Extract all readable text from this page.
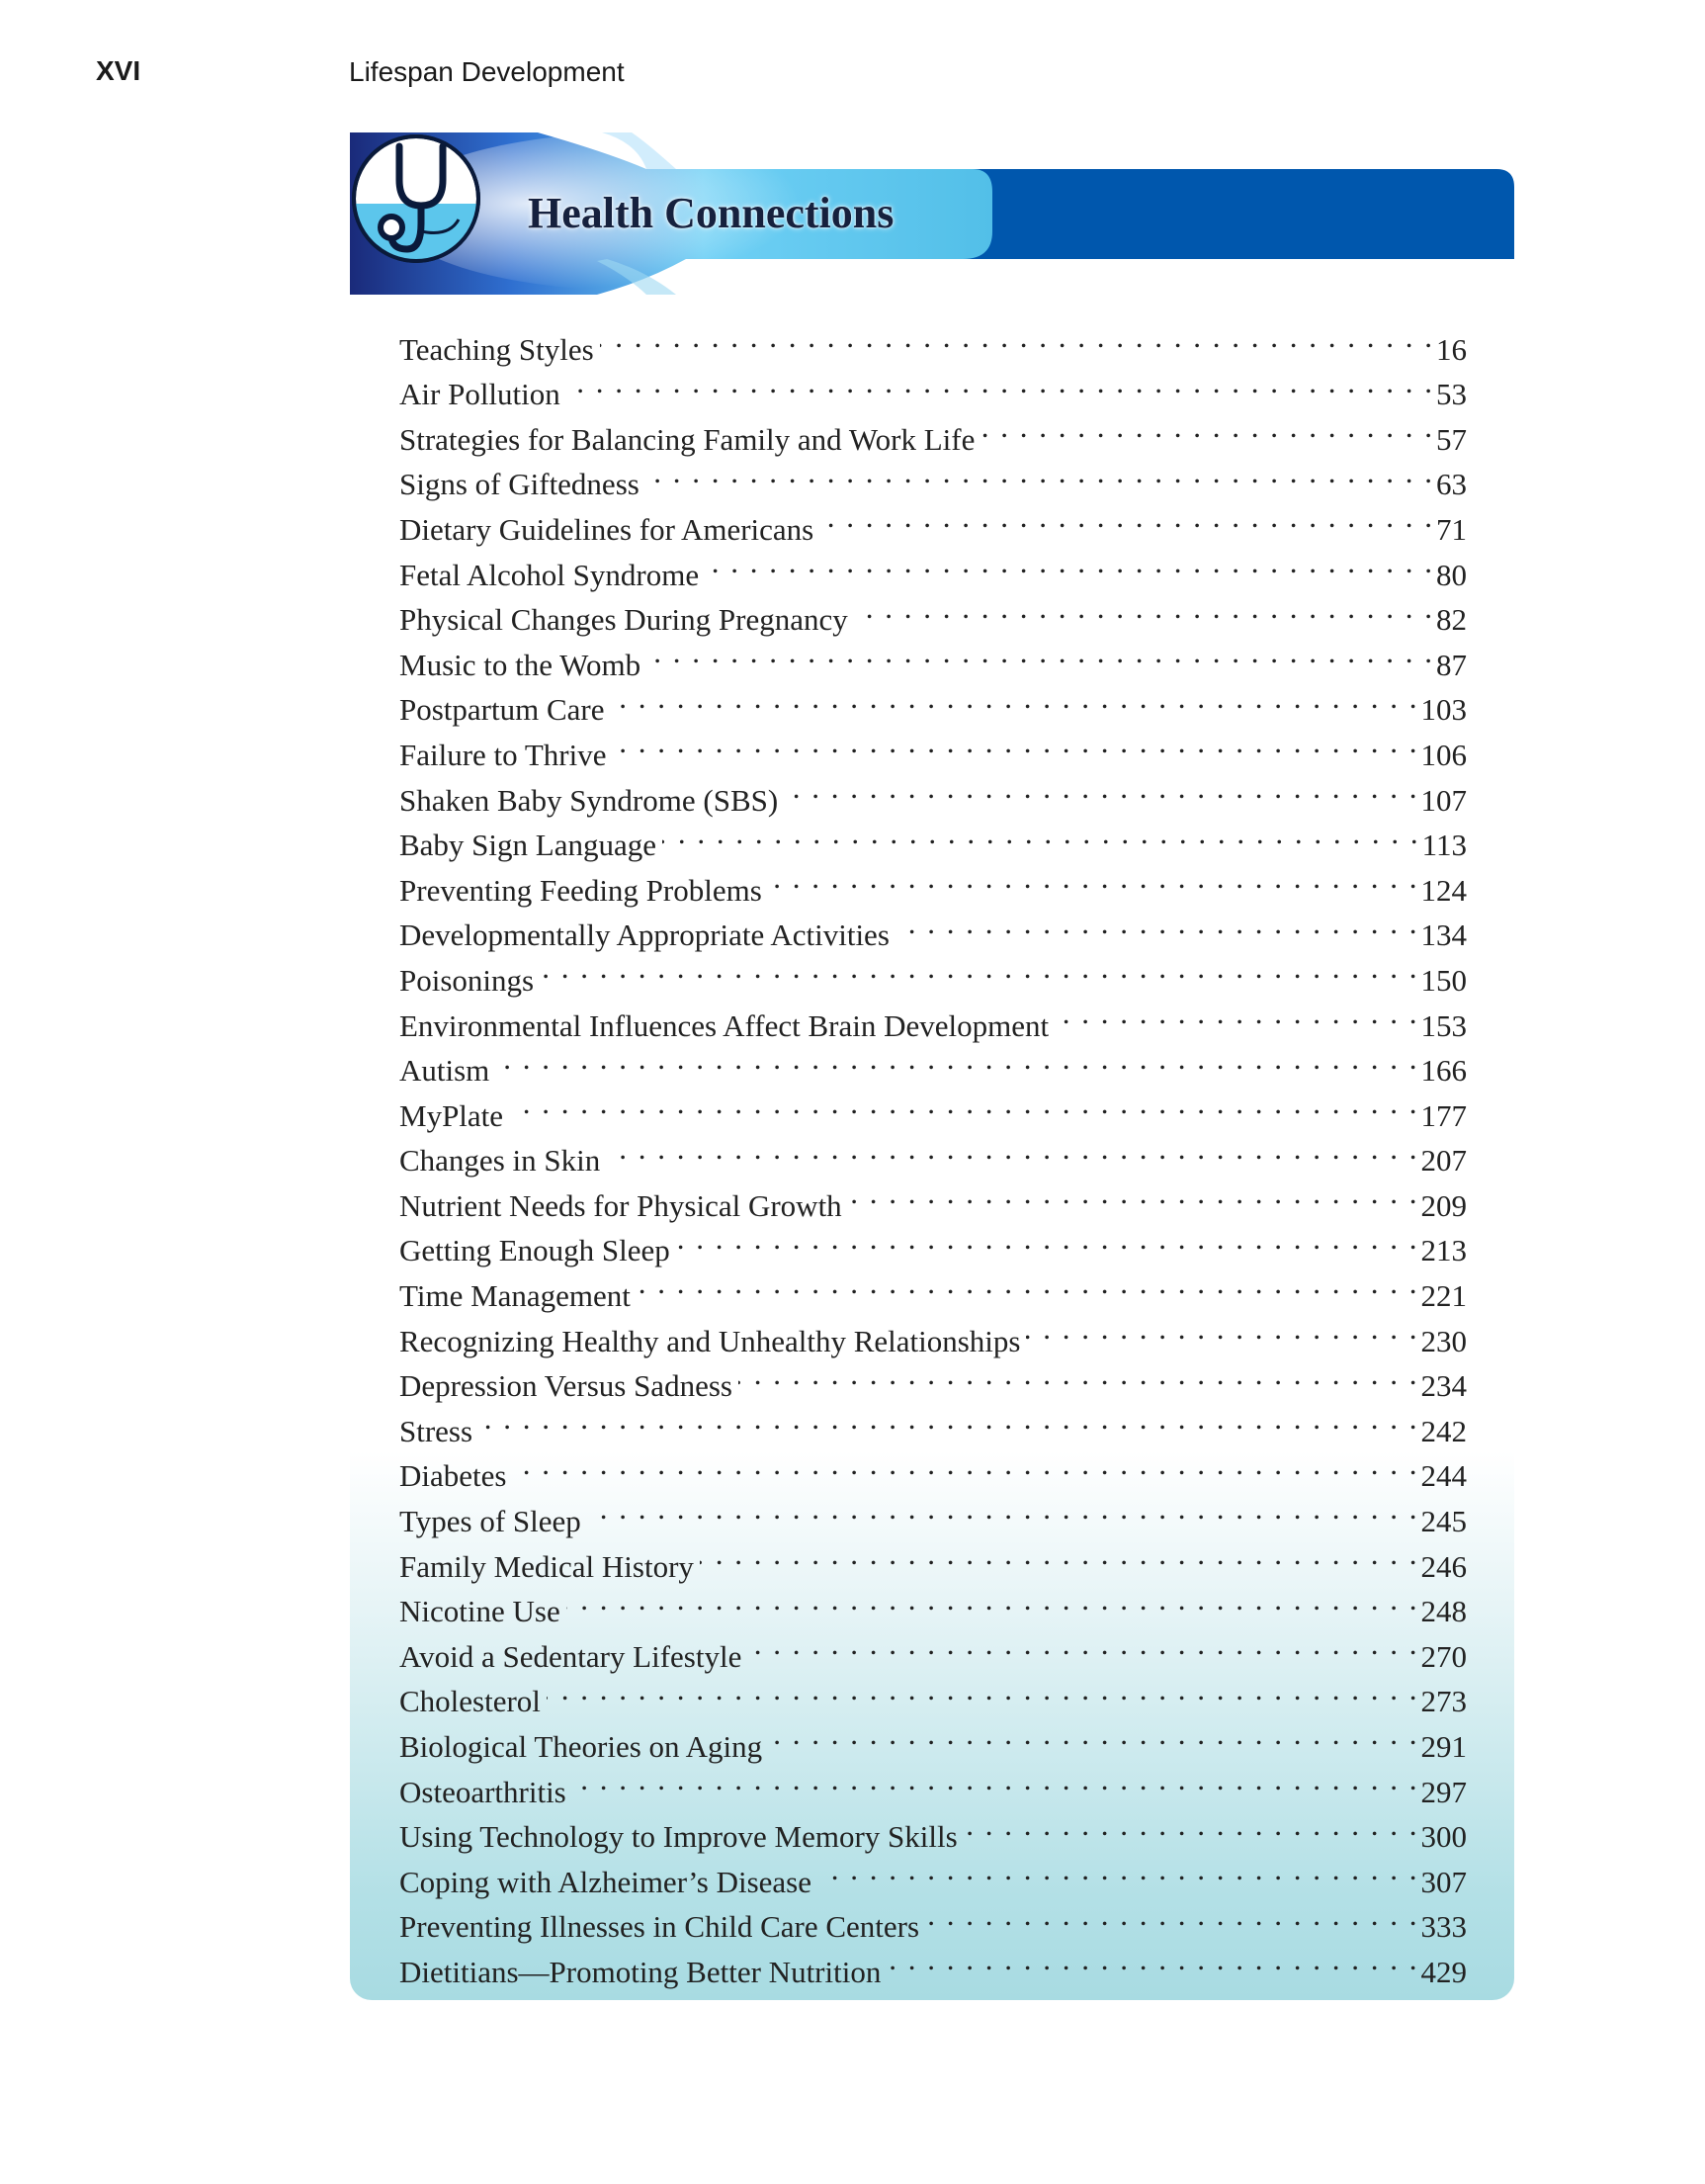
XVI	Lifespan Development
Health Connections
Teaching Styles . . .	16
Air Pollution . . .	53
Strategies for Balancing Family and Work Life . . .	57
Signs of Giftedness . . .	63
Dietary Guidelines for Americans . . .	71
Fetal Alcohol Syndrome . . .	80
Physical Changes During Pregnancy . . .	82
Music to the Womb . . .	87
Postpartum Care . . .	103
Failure to Thrive . . .	106
Shaken Baby Syndrome (SBS) . . .	107
Baby Sign Language . . .	113
Preventing Feeding Problems . . .	124
Developmentally Appropriate Activities . . .	134
Poisonings . . .	150
Environmental Influences Affect Brain Development . . .	153
Autism . . .	166
MyPlate . . .	177
Changes in Skin . . .	207
Nutrient Needs for Physical Growth . . .	209
Getting Enough Sleep . . .	213
Time Management . . .	221
Recognizing Healthy and Unhealthy Relationships . . .	230
Depression Versus Sadness . . .	234
Stress . . .	242
Diabetes . . .	244
Types of Sleep . . .	245
Family Medical History . . .	246
Nicotine Use . . .	248
Avoid a Sedentary Lifestyle . . .	270
Cholesterol . . .	273
Biological Theories on Aging . . .	291
Osteoarthritis . . .	297
Using Technology to Improve Memory Skills . . .	300
Coping with Alzheimer’s Disease . . .	307
Preventing Illnesses in Child Care Centers . . .	333
Dietitians—Promoting Better Nutrition . . .	429
